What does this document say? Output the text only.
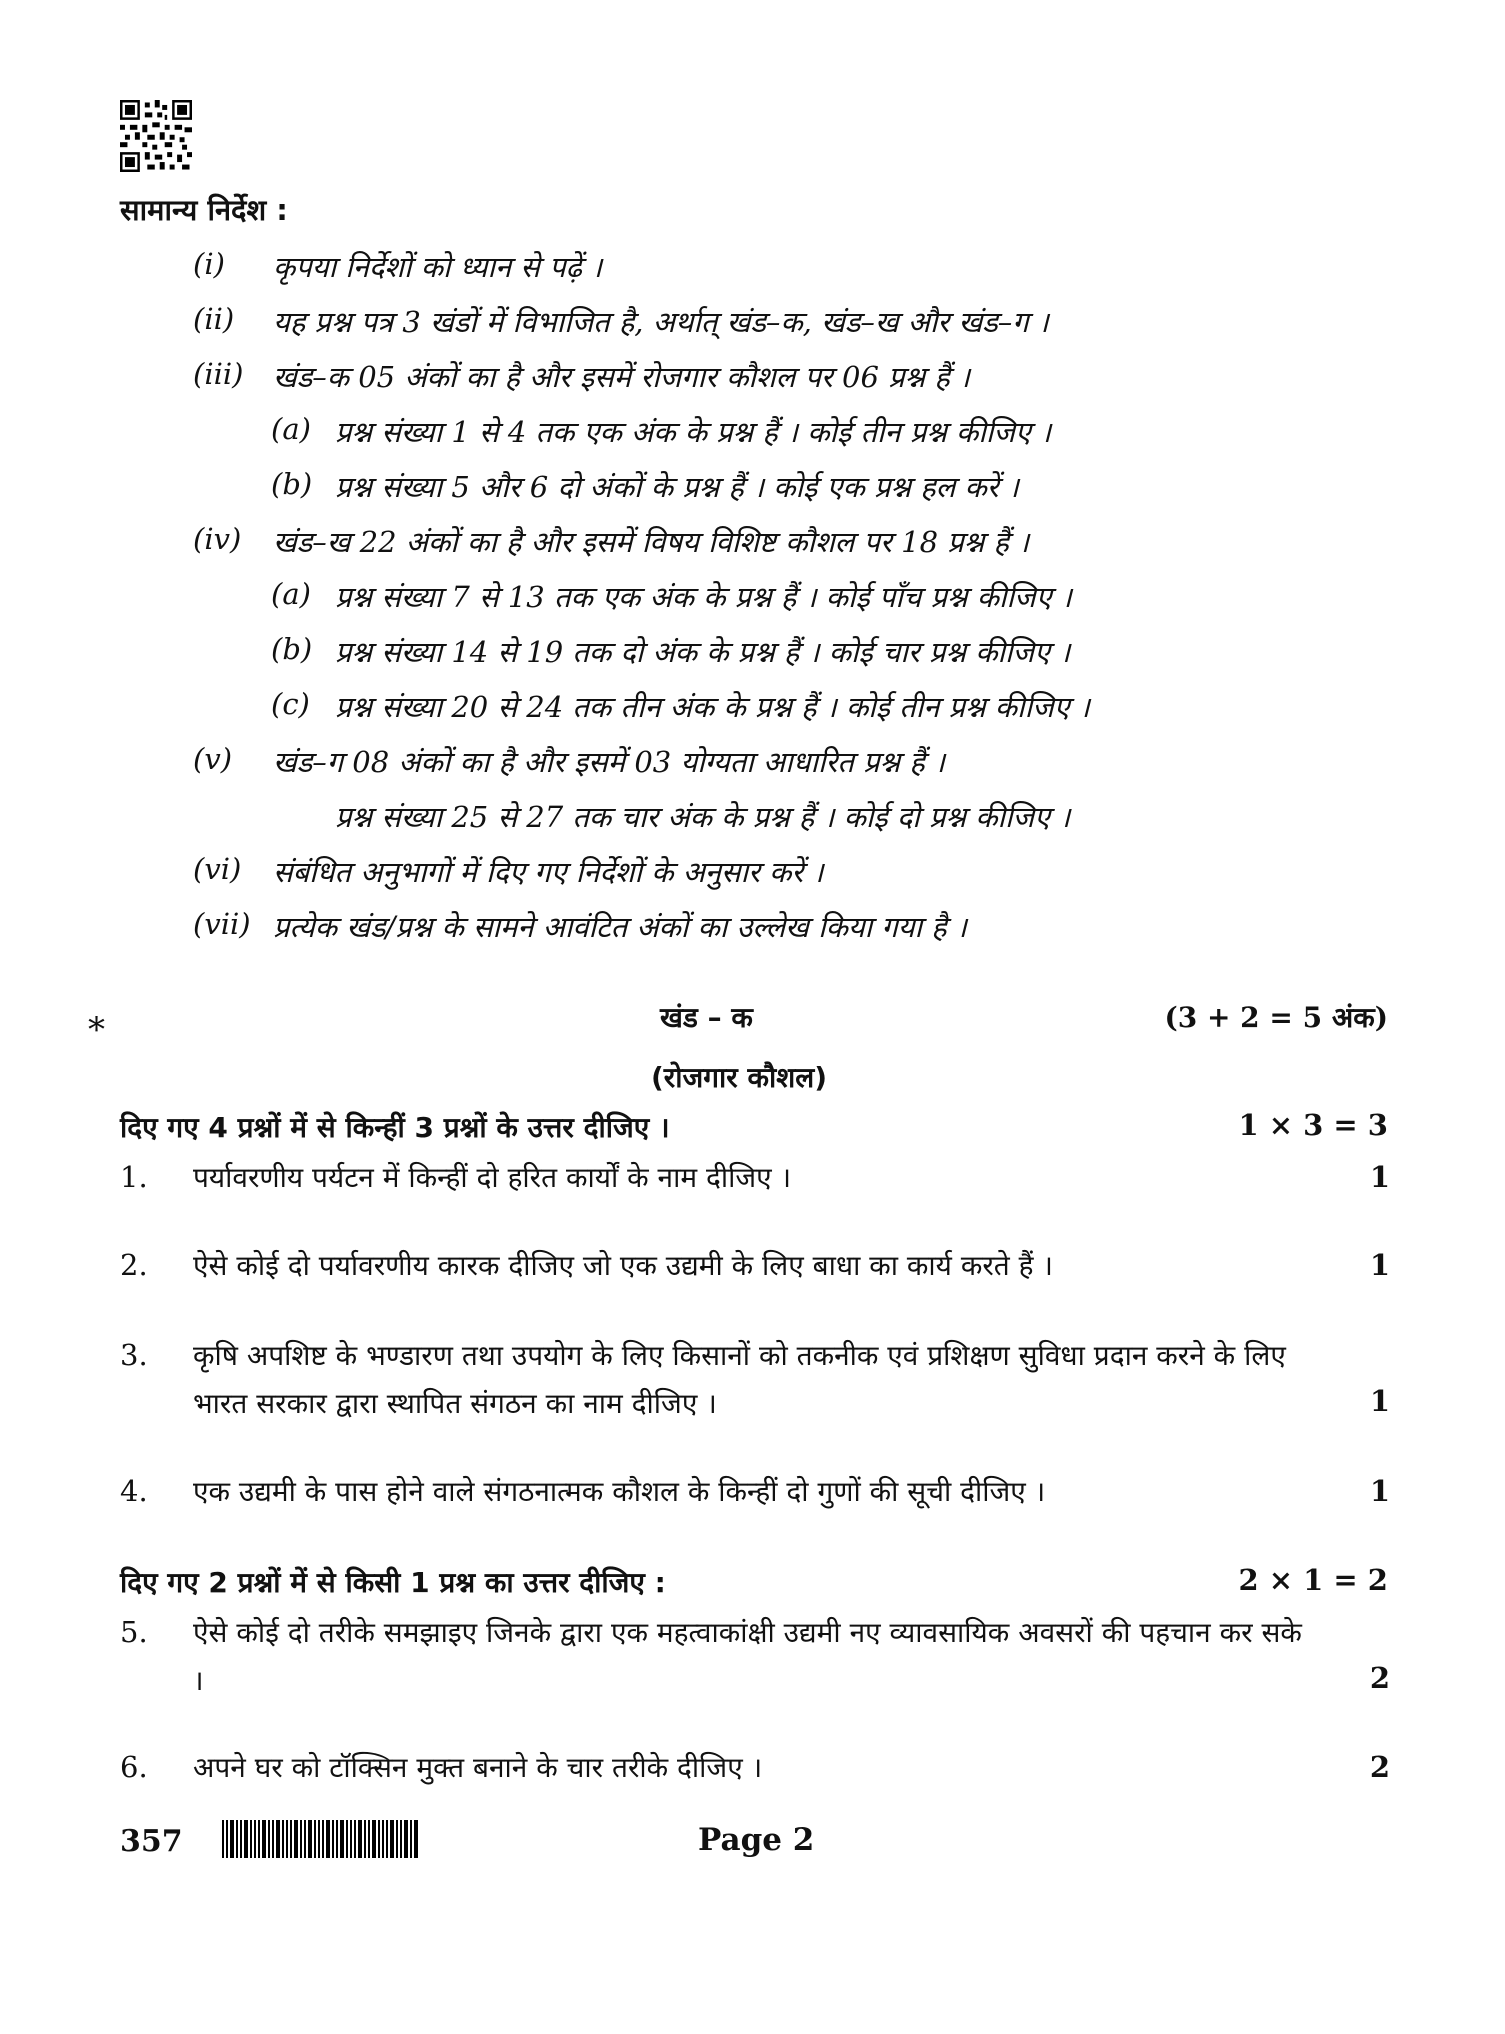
सामान्य निर्देश :
(i) कृपया निर्देशों को ध्यान से पढ़ें ।
(ii) यह प्रश्न पत्र 3 खंडों में विभाजित है, अर्थात् खंड–क, खंड–ख और खंड–ग ।
(iii) खंड–क 05 अंकों का है और इसमें रोजगार कौशल पर 06 प्रश्न हैं ।
(a) प्रश्न संख्या 1 से 4 तक एक अंक के प्रश्न हैं । कोई तीन प्रश्न कीजिए ।
(b) प्रश्न संख्या 5 और 6 दो अंकों के प्रश्न हैं । कोई एक प्रश्न हल करें ।
(iv) खंड–ख 22 अंकों का है और इसमें विषय विशिष्ट कौशल पर 18 प्रश्न हैं ।
(a) प्रश्न संख्या 7 से 13 तक एक अंक के प्रश्न हैं । कोई पाँच प्रश्न कीजिए ।
(b) प्रश्न संख्या 14 से 19 तक दो अंक के प्रश्न हैं । कोई चार प्रश्न कीजिए ।
(c) प्रश्न संख्या 20 से 24 तक तीन अंक के प्रश्न हैं । कोई तीन प्रश्न कीजिए ।
(v) खंड–ग 08 अंकों का है और इसमें 03 योग्यता आधारित प्रश्न हैं ।
प्रश्न संख्या 25 से 27 तक चार अंक के प्रश्न हैं । कोई दो प्रश्न कीजिए ।
(vi) संबंधित अनुभागों में दिए गए निर्देशों के अनुसार करें ।
(vii) प्रत्येक खंड/प्रश्न के सामने आवंटित अंकों का उल्लेख किया गया है ।
*	खंड – क	(3 + 2 = 5 अंक)
(रोजगार कौशल)
दिए गए 4 प्रश्नों में से किन्हीं 3 प्रश्नों के उत्तर दीजिए ।	1 × 3 = 3
1. पर्यावरणीय पर्यटन में किन्हीं दो हरित कार्यों के नाम दीजिए ।	1
2. ऐसे कोई दो पर्यावरणीय कारक दीजिए जो एक उद्यमी के लिए बाधा का कार्य करते हैं ।	1
3. कृषि अपशिष्ट के भण्डारण तथा उपयोग के लिए किसानों को तकनीक एवं प्रशिक्षण सुविधा प्रदान करने के लिए भारत सरकार द्वारा स्थापित संगठन का नाम दीजिए ।	1
4. एक उद्यमी के पास होने वाले संगठनात्मक कौशल के किन्हीं दो गुणों की सूची दीजिए ।	1
दिए गए 2 प्रश्नों में से किसी 1 प्रश्न का उत्तर दीजिए :	2 × 1 = 2
5. ऐसे कोई दो तरीके समझाइए जिनके द्वारा एक महत्वाकांक्षी उद्यमी नए व्यावसायिक अवसरों की पहचान कर सके ।	2
6. अपने घर को टॉक्सिन मुक्त बनाने के चार तरीके दीजिए ।	2
357	Page 2
